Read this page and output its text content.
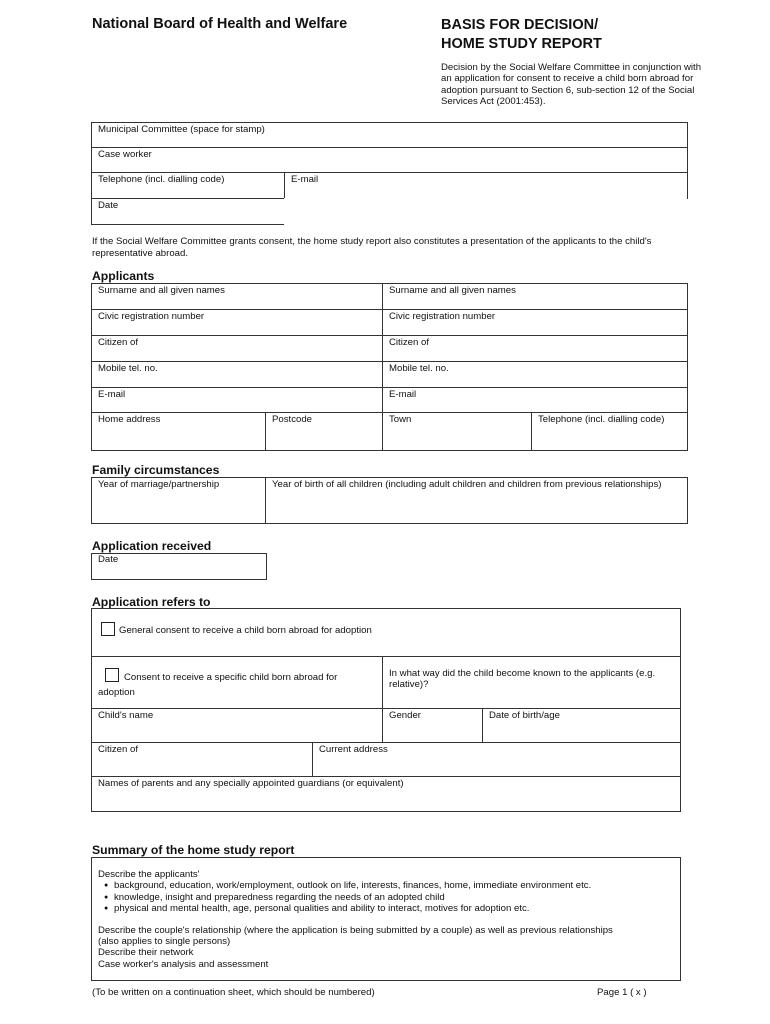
National Board of Health and Welfare	BASIS FOR DECISION/
HOME STUDY REPORT
Decision by the Social Welfare Committee in conjunction with an application for consent to receive a child born abroad for adoption pursuant to Section 6, sub-section 12 of the Social Services Act (2001:453).
Municipal Committee (space for stamp)
Case worker
Telephone (incl. dialling code)	E-mail
Date
If the Social Welfare Committee grants consent, the home study report also constitutes a presentation of the applicants to the child's representative abroad.
Applicants
Surname and all given names	Surname and all given names
Civic registration number	Civic registration number
Citizen of	Citizen of
Mobile tel. no.	Mobile tel. no.
E-mail	E-mail
Home address	Postcode	Town	Telephone (incl. dialling code)
Family circumstances
Year of marriage/partnership	Year of birth of all children (including adult children and children from previous relationships)
Application received
Date
Application refers to
General consent to receive a child born abroad for adoption
Consent to receive a specific child born abroad for
adoption
In what way did the child become known to the applicants (e.g. relative)?
Child's name	Gender	Date of birth/age
Citizen of	Current address
Names of parents and any specially appointed guardians (or equivalent)
Summary of the home study report
Describe the applicants'
● background, education, work/employment, outlook on life, interests, finances, home, immediate environment etc.
● knowledge, insight and preparedness regarding the needs of an adopted child
● physical and mental health, age, personal qualities and ability to interact, motives for adoption etc.
Describe the couple's relationship (where the application is being submitted by a couple) as well as previous relationships
(also applies to single persons)
Describe their network
Case worker's analysis and assessment
(To be written on a continuation sheet, which should be numbered)	Page 1 ( x )
